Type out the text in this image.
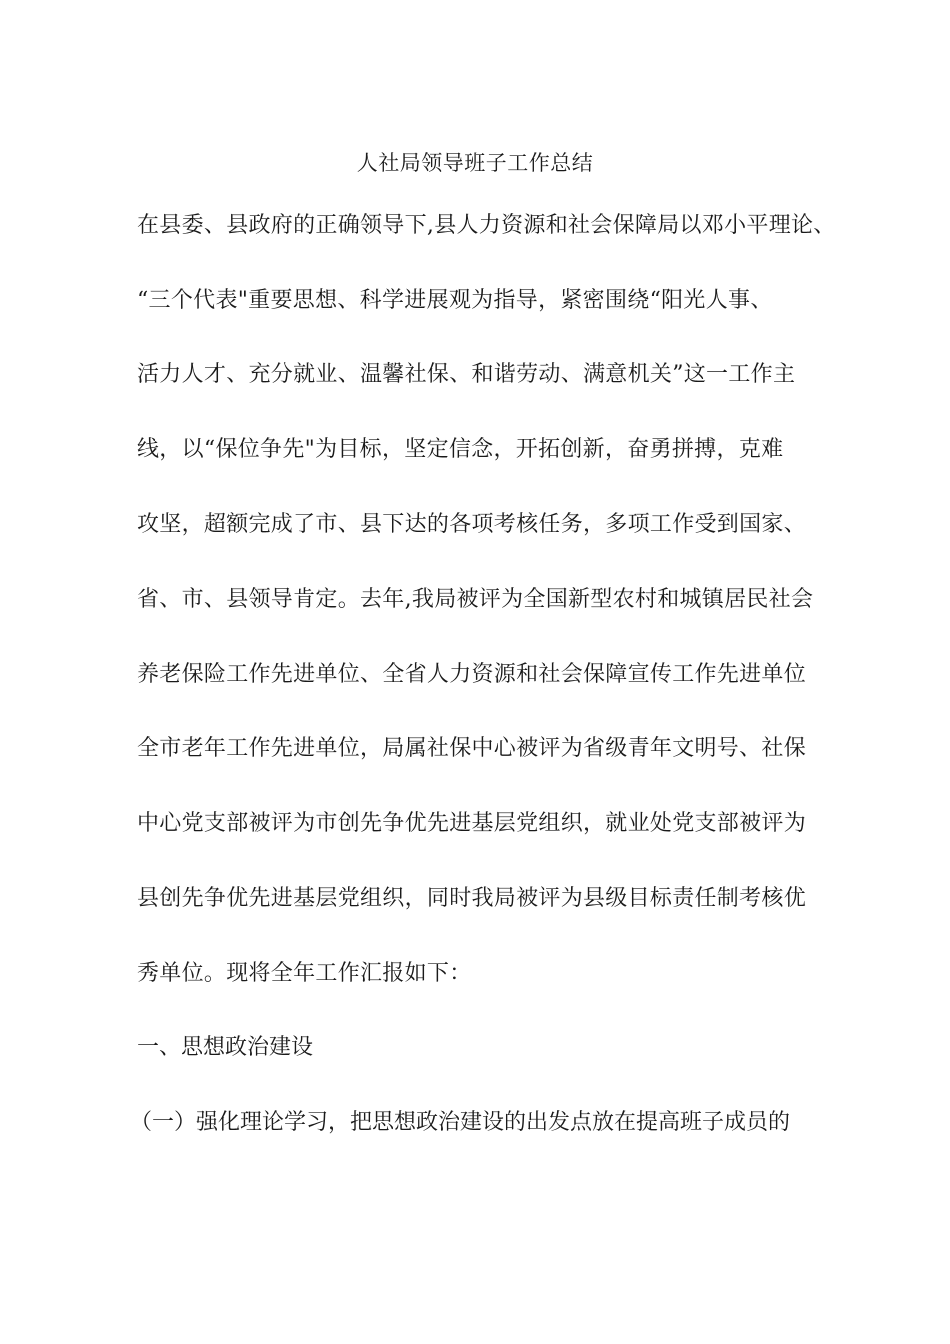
人社局领导班子工作总结
在县委、县政府的正确领导下,县人力资源和社会保障局以邓小平理论、
“三个代表"重要思想、科学进展观为指导，紧密围绕“阳光人事、
活力人才、充分就业、温馨社保、和谐劳动、满意机关”这一工作主
线，以“保位争先"为目标，坚定信念，开拓创新，奋勇拼搏，克难
攻坚，超额完成了市、县下达的各项考核任务，多项工作受到国家、
省、市、县领导肯定。去年,我局被评为全国新型农村和城镇居民社会
养老保险工作先进单位、全省人力资源和社会保障宣传工作先进单位
全市老年工作先进单位，局属社保中心被评为省级青年文明号、社保
中心党支部被评为市创先争优先进基层党组织，就业处党支部被评为
县创先争优先进基层党组织，同时我局被评为县级目标责任制考核优
秀单位。现将全年工作汇报如下：
一、思想政治建设
（一）强化理论学习，把思想政治建设的出发点放在提高班子成员的
